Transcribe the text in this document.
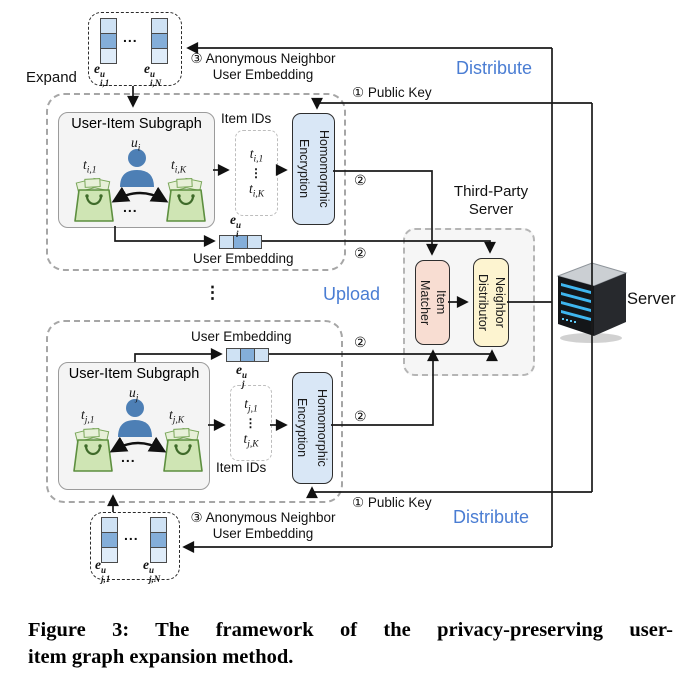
...
e u
i,1
e u
i,N
...
e u
j,1
e u
j,N
User-Item Subgraph
$u_i$
$t_{i,1}$	$t_{i,K}$
...
User-Item Subgraph
$u_j$
$t_{j,1}$	$t_{j,K}$
...
$t_{i,1}$
⋮
$t_{i,K}$
$t_{j,1}$
⋮
$t_{j,K}$
Item IDs
Item IDs
Homomorphic
Encryption
Homomorphic
Encryption
Third-Party
Server
Item
Matcher	Neighbor
Distributor	Server
e u
i
User Embedding
User Embedding
e u
j
Expand
③ Anonymous Neighbor
User Embedding	Distribute
① Public Key
②
②
②
②
⋮	Upload
① Public Key
Distribute
③ Anonymous Neighbor
User Embedding
Figure 3: The framework of the privacy-preserving user-
item graph expansion method.
